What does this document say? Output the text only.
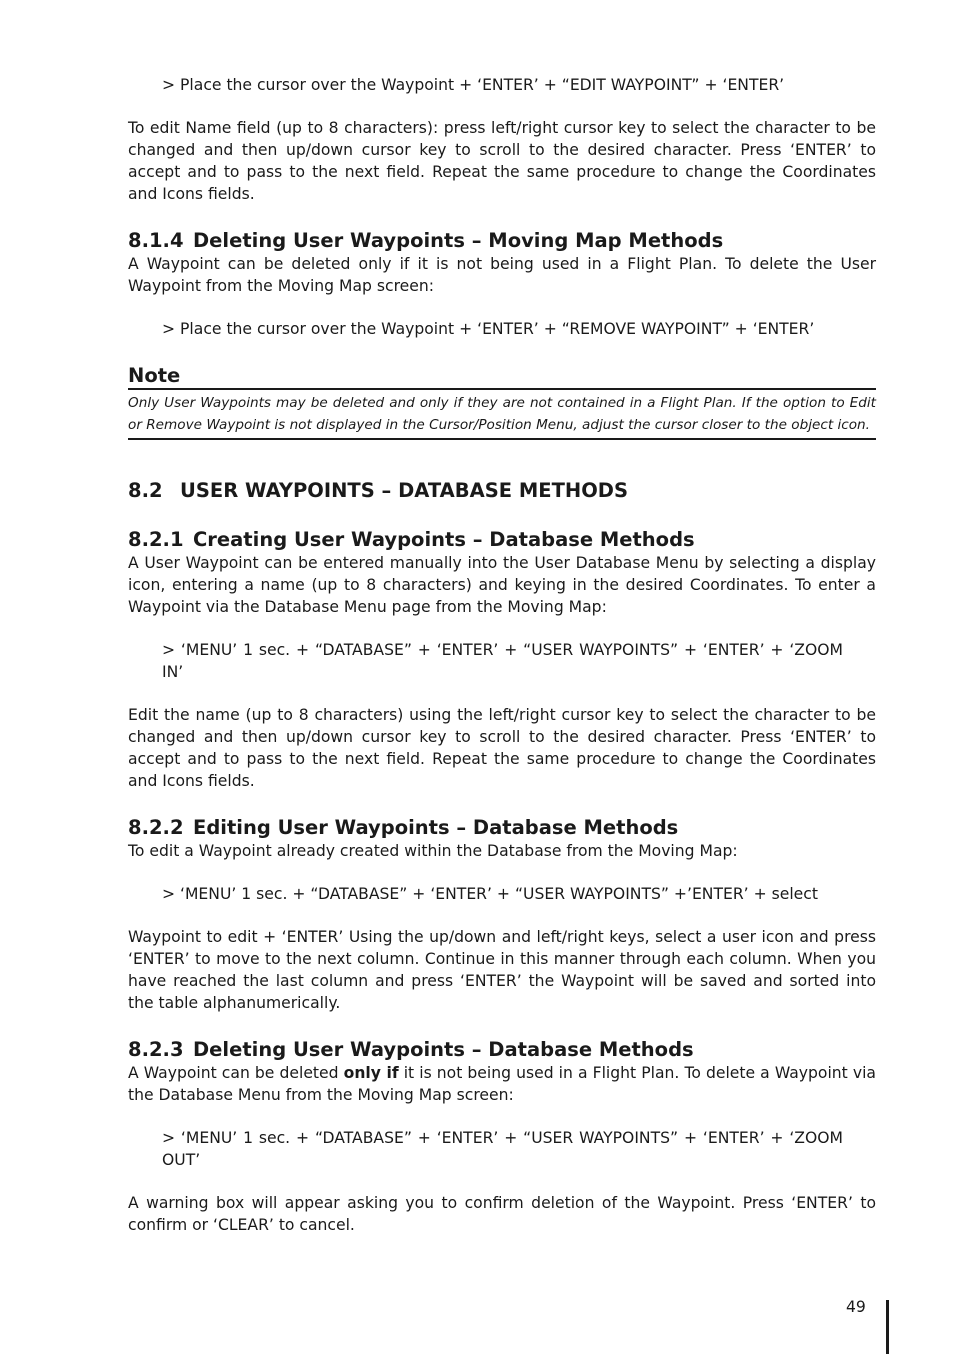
> Place the cursor over the Waypoint + ‘ENTER’ + “EDIT WAYPOINT” + ‘ENTER’

To edit Name field (up to 8 characters): press left/right cursor key to select the character to be changed and then up/down cursor key to scroll to the desired character. Press ‘ENTER’ to accept and to pass to the next field. Repeat the same procedure to change the Coordinates and Icons fields.

8.1.4 Deleting User Waypoints – Moving Map Methods

A Waypoint can be deleted only if it is not being used in a Flight Plan. To delete the User Waypoint from the Moving Map screen:

> Place the cursor over the Waypoint + ‘ENTER’ + “REMOVE WAYPOINT” + ‘ENTER’

Note
Only User Waypoints may be deleted and only if they are not contained in a Flight Plan. If the option to Edit or Remove Waypoint is not displayed in the Cursor/Position Menu, adjust the cursor closer to the object icon.
8.2 USER WAYPOINTS – DATABASE METHODS
8.2.1 Creating User Waypoints – Database Methods

A User Waypoint can be entered manually into the User Database Menu by selecting a display icon, entering a name (up to 8 characters) and keying in the desired Coordinates. To enter a Waypoint via the Database Menu page from the Moving Map:

> ‘MENU’ 1 sec. + “DATABASE” + ‘ENTER’ + “USER WAYPOINTS” + ‘ENTER’ + ‘ZOOM IN’

Edit the name (up to 8 characters) using the left/right cursor key to select the character to be changed and then up/down cursor key to scroll to the desired character. Press ‘ENTER’ to accept and to pass to the next field. Repeat the same procedure to change the Coordinates and Icons fields.

8.2.2 Editing User Waypoints – Database Methods

To edit a Waypoint already created within the Database from the Moving Map:

> ‘MENU’ 1 sec. + “DATABASE” + ‘ENTER’ + “USER WAYPOINTS” +’ENTER’ + select

Waypoint to edit + ‘ENTER’ Using the up/down and left/right keys, select a user icon and press ‘ENTER’ to move to the next column. Continue in this manner through each column. When you have reached the last column and press ‘ENTER’ the Waypoint will be saved and sorted into the table alphanumerically.

8.2.3 Deleting User Waypoints – Database Methods

A Waypoint can be deleted only if it is not being used in a Flight Plan. To delete a Waypoint via the Database Menu from the Moving Map screen:

> ‘MENU’ 1 sec. + “DATABASE” + ‘ENTER’ + “USER WAYPOINTS” + ‘ENTER’ + ‘ZOOM OUT’

A warning box will appear asking you to confirm deletion of the Waypoint. Press ‘ENTER’ to confirm or ‘CLEAR’ to cancel.

49
